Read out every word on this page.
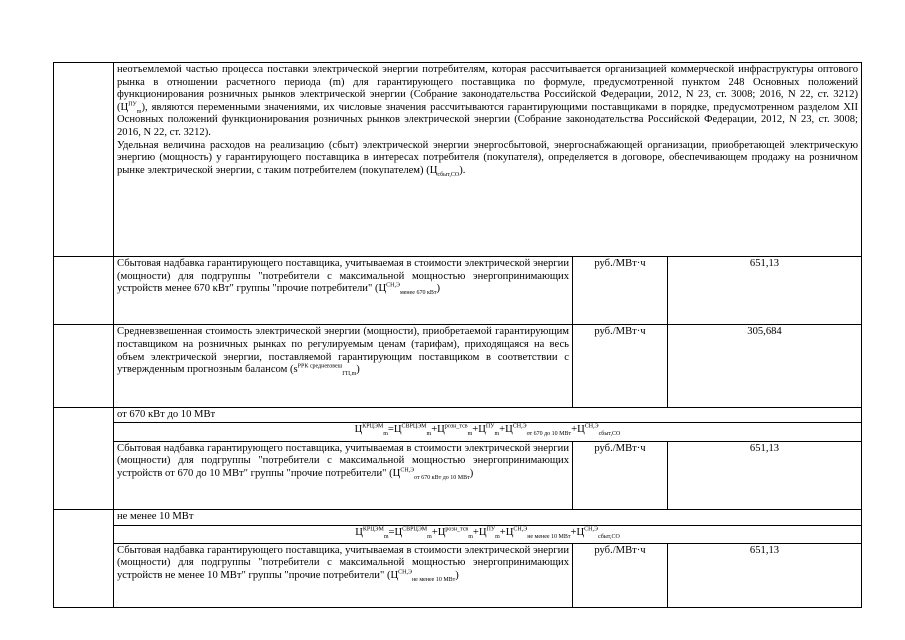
	неотъемлемой частью процесса поставки электрической энергии потребителям, которая рассчитывается организацией коммерческой инфраструктуры оптового рынка в отношении расчетного периода (m) для гарантирующего поставщика по формуле, предусмотренной пунктом 248 Основных положений функционирования розничных рынков электрической энергии (Собрание законодательства Российской Федерации, 2012, N 23, ст. 3008; 2016, N 22, ст. 3212) $(Ц^{ПУ}_m)$, являются переменными значениями, их числовые значения рассчитываются гарантирующими поставщиками в порядке, предусмотренном разделом XII Основных положений функционирования розничных рынков электрической энергии (Собрание законодательства Российской Федерации, 2012, N 23, ст. 3008; 2016, N 22, ст. 3212).

Удельная величина расходов на реализацию (сбыт) электрической энергии энергосбытовой, энергоснабжающей организации, приобретающей электрическую энергию (мощность) у гарантирующего поставщика в интересах потребителя (покупателя), определяется в договоре, обеспечивающем продажу на розничном рынке электрической энергии, с таким потребителем (покупателем) $(Ц_{сбыт,СО})$.		

	Сбытовая надбавка гарантирующего поставщика, учитываемая в стоимости электрической энергии (мощности) для подгруппы "потребители с максимальной мощностью энергопринимающих устройств менее 670 кВт" группы "прочие потребители" $(Ц^{СН,Э}_{менее 670 кВт})$	руб./МВт·ч	651,13
	Средневзвешенная стоимость электрической энергии (мощности), приобретаемой гарантирующим поставщиком на розничных рынках по регулируемым ценам (тарифам), приходящаяся на весь объем электрической энергии, поставляемой гарантирующим поставщиком в соответствии с утвержденным прогнозным балансом $(s^{РРК средневзвеш}_{ГП,m})$	руб./МВт·ч	305,684
	от 670 кВт до 10 МВт		
	$Ц^{КРЦЭМ}_m=Ц^{СВРЦЭМ}_m+Ц^{розн\_тсв}_m+Ц^{ПУ}_m+Ц^{СН,Э}_{от 670 до 10 МВт}+Ц^{СН,Э}_{сбыт,СО}$
	Сбытовая надбавка гарантирующего поставщика, учитываемая в стоимости электрической энергии (мощности) для подгруппы "потребители с максимальной мощностью энергопринимающих устройств от 670 до 10 МВт" группы "прочие потребители" $(Ц^{СН,Э}_{от 670 кВт до 10 МВт})$	руб./МВт·ч	651,13
	не менее 10 МВт		
	$Ц^{КРЦЭМ}_m=Ц^{СВРЦЭМ}_m+Ц^{розн\_тсв}_m+Ц^{ПУ}_m+Ц^{СН,Э}_{не менее 10 МВт}+Ц^{СН,Э}_{сбыт,СО}$
	Сбытовая надбавка гарантирующего поставщика, учитываемая в стоимости электрической энергии (мощности) для подгруппы "потребители с максимальной мощностью энергопринимающих устройств не менее 10 МВт" группы "прочие потребители" $(Ц^{СН,Э}_{не менее 10 МВт})$	руб./МВт·ч	651,13
